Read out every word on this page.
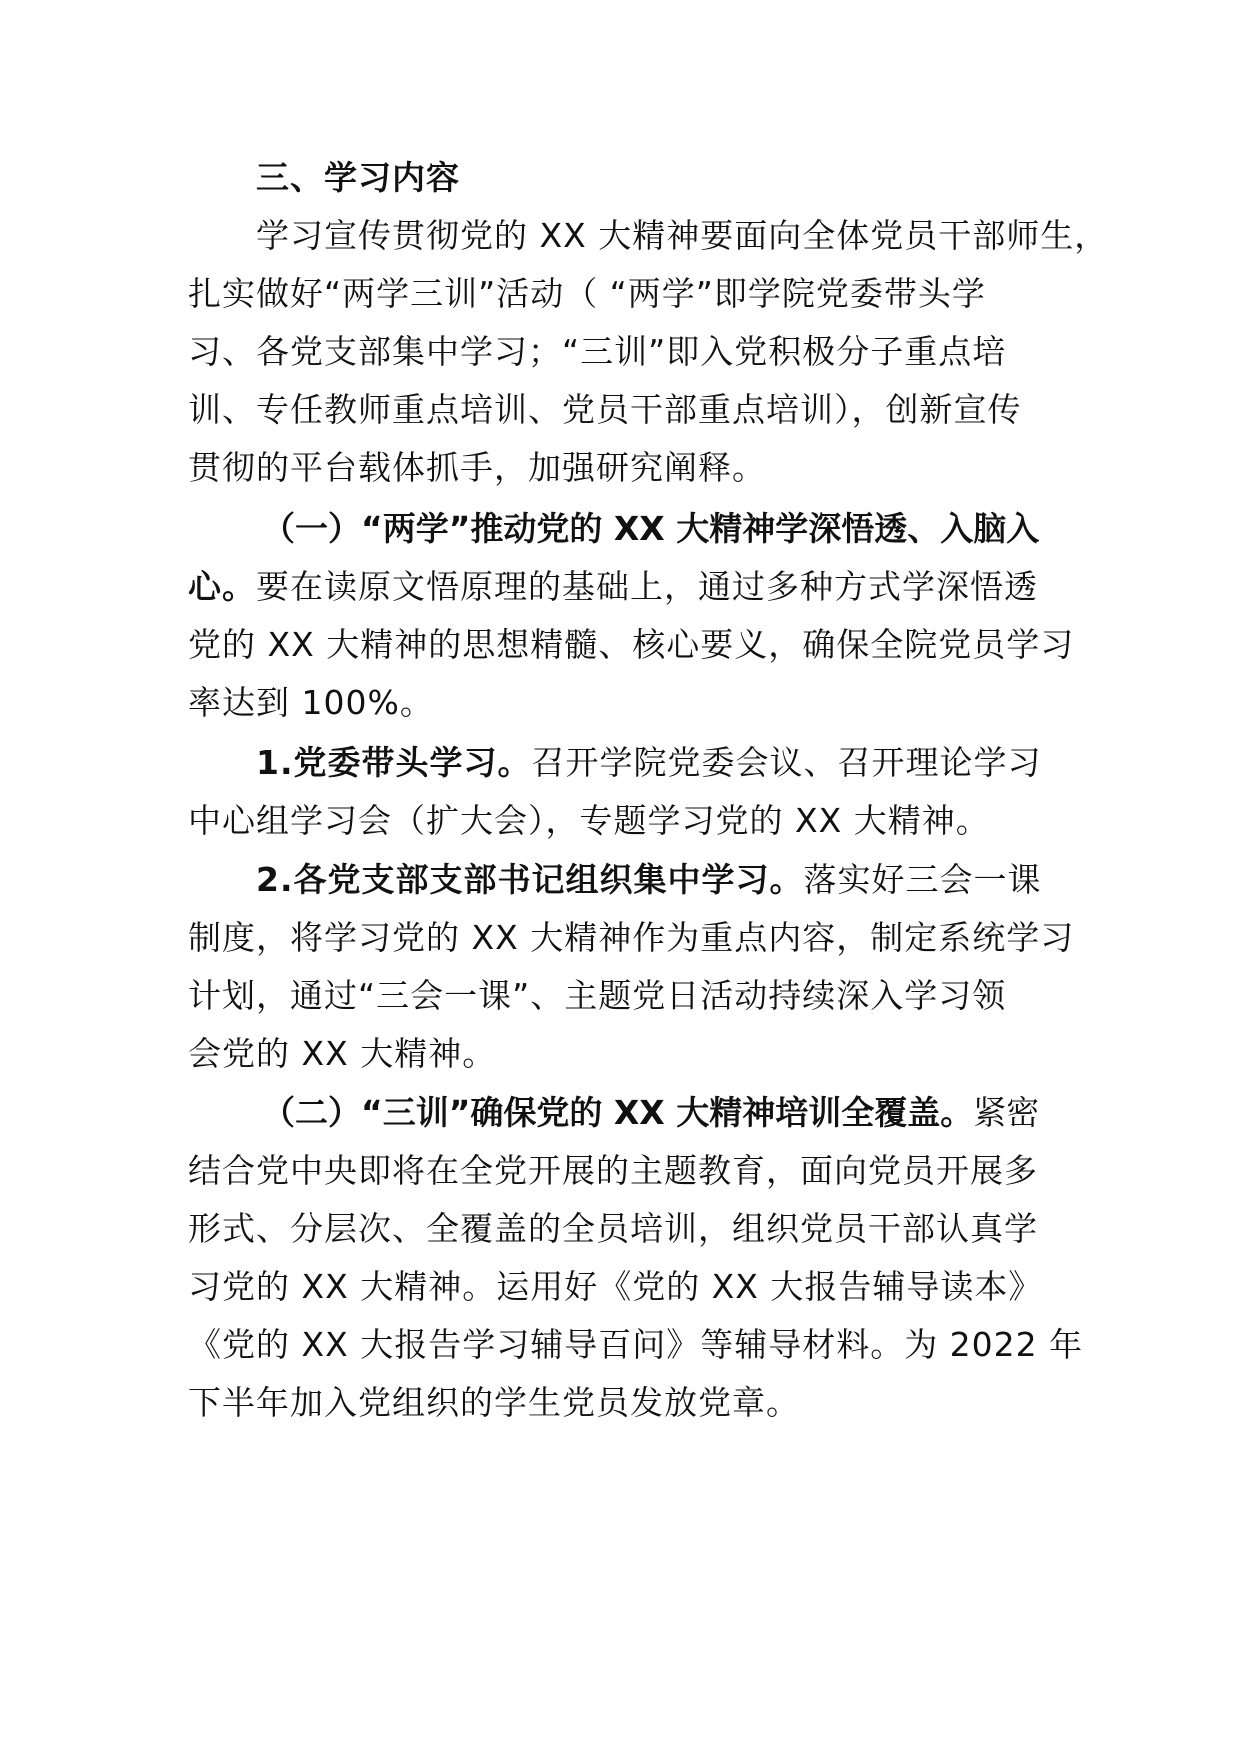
三、学习内容
学习宣传贯彻党的 XX 大精神要面向全体党员干部师生，
扎实做好“两学三训”活动（ “两学”即学院党委带头学
习、各党支部集中学习；“三训”即入党积极分子重点培
训、专任教师重点培训、党员干部重点培训），创新宣传
贯彻的平台载体抓手，加强研究阐释。
（一）“两学”推动党的 XX 大精神学深悟透、入脑入
心。要在读原文悟原理的基础上，通过多种方式学深悟透
党的 XX 大精神的思想精髓、核心要义，确保全院党员学习
率达到 100%。
1.党委带头学习。召开学院党委会议、召开理论学习
中心组学习会（扩大会），专题学习党的 XX 大精神。
2.各党支部支部书记组织集中学习。落实好三会一课
制度，将学习党的 XX 大精神作为重点内容，制定系统学习
计划，通过“三会一课”、主题党日活动持续深入学习领
会党的 XX 大精神。
（二）“三训”确保党的 XX 大精神培训全覆盖。紧密
结合党中央即将在全党开展的主题教育，面向党员开展多
形式、分层次、全覆盖的全员培训，组织党员干部认真学
习党的 XX 大精神。运用好《党的 XX 大报告辅导读本》
《党的 XX 大报告学习辅导百问》等辅导材料。为 2022 年
下半年加入党组织的学生党员发放党章。
